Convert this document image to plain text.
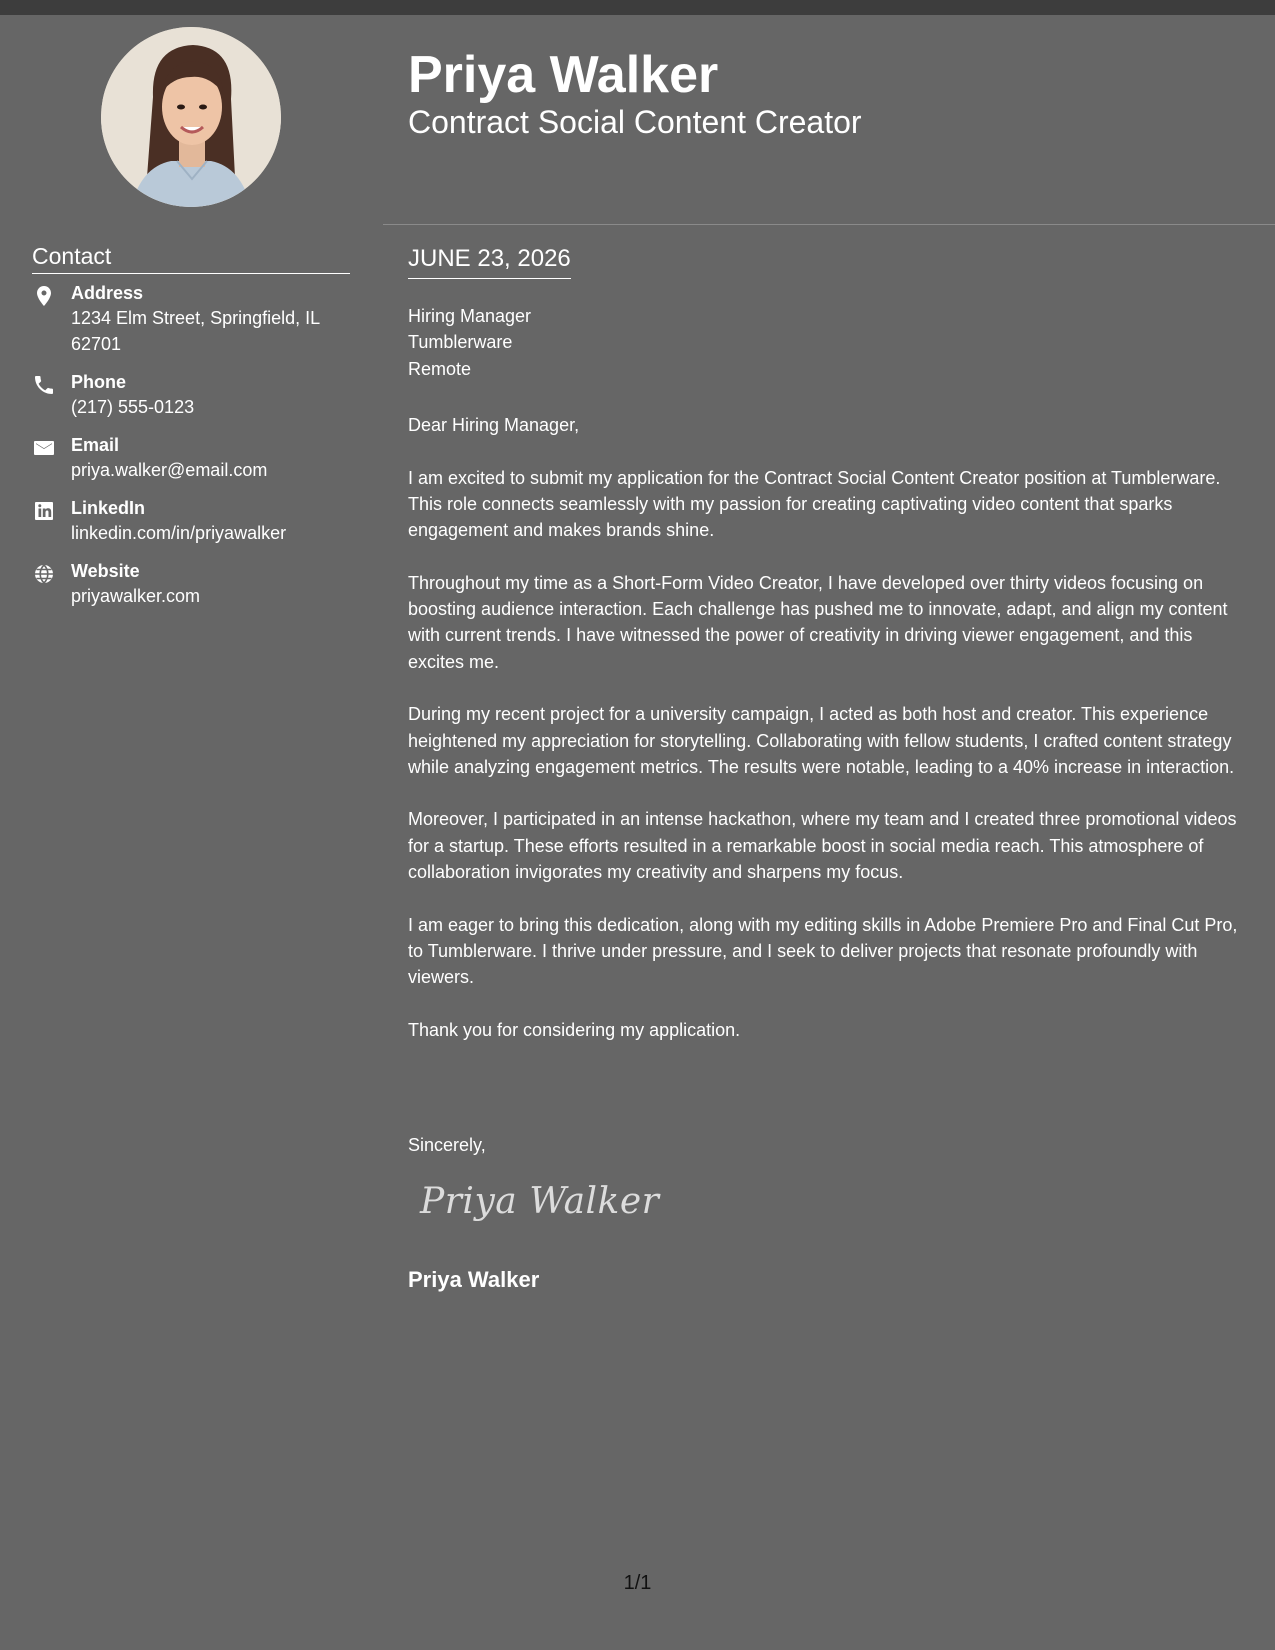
Priya Walker
Contract Social Content Creator
Contact
Address
1234 Elm Street, Springfield, IL 62701
Phone
(217) 555-0123
Email
priya.walker@email.com
LinkedIn
linkedin.com/in/priyawalker
Website
priyawalker.com
JUNE 23, 2026
Hiring Manager
Tumblerware
Remote

Dear Hiring Manager,

I am excited to submit my application for the Contract Social Content Creator position at Tumblerware. This role connects seamlessly with my passion for creating captivating video content that sparks engagement and makes brands shine.

Throughout my time as a Short-Form Video Creator, I have developed over thirty videos focusing on boosting audience interaction. Each challenge has pushed me to innovate, adapt, and align my content with current trends. I have witnessed the power of creativity in driving viewer engagement, and this excites me.

During my recent project for a university campaign, I acted as both host and creator. This experience heightened my appreciation for storytelling. Collaborating with fellow students, I crafted content strategy while analyzing engagement metrics. The results were notable, leading to a 40% increase in interaction.

Moreover, I participated in an intense hackathon, where my team and I created three promotional videos for a startup. These efforts resulted in a remarkable boost in social media reach. This atmosphere of collaboration invigorates my creativity and sharpens my focus.

I am eager to bring this dedication, along with my editing skills in Adobe Premiere Pro and Final Cut Pro, to Tumblerware. I thrive under pressure, and I seek to deliver projects that resonate profoundly with viewers.

Thank you for considering my application.

Sincerely,
Priya Walker
Priya Walker
1/1
